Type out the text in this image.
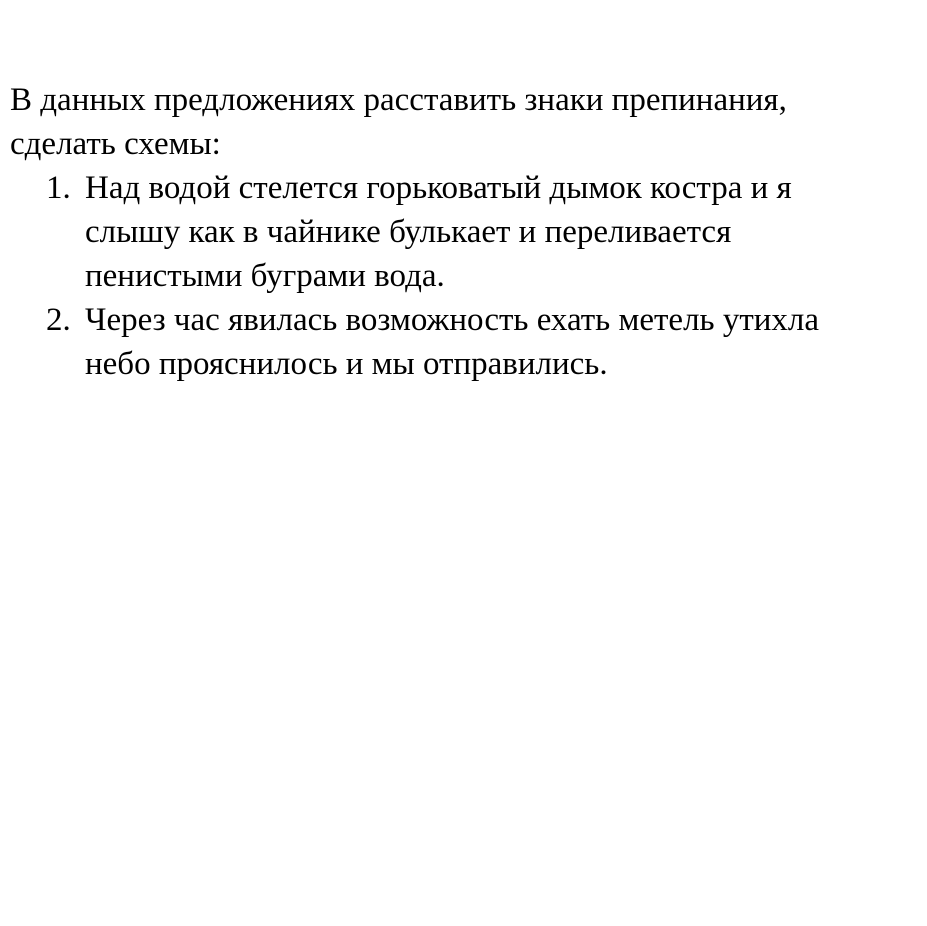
В данных предложениях расставить знаки препинания,
сделать схемы:
1. Над водой стелется горьковатый дымок костра и я
слышу как в чайнике булькает и переливается
пенистыми буграми вода.
2. Через час явилась возможность ехать метель утихла
небо прояснилось и мы отправились.
